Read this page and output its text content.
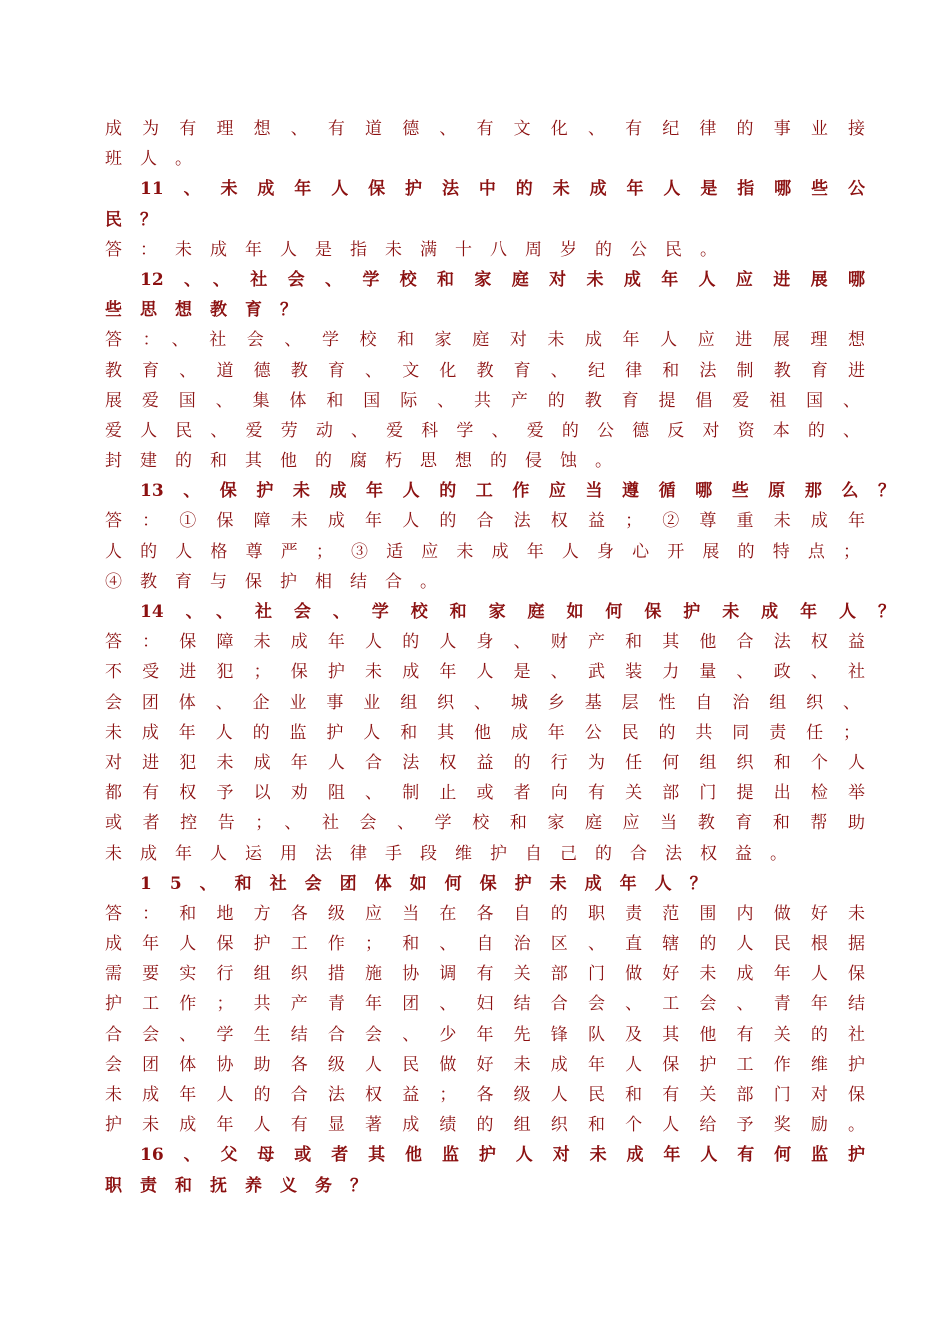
成为有理想、有道德、有文化、有纪律的事业接
班人。
11、未成年人保护法中的未成年人是指哪些公
民？
答：未成年人是指未满十八周岁的公民。
12、、社会、学校和家庭对未成年人应进展哪
些思想教育？
答：、社会、学校和家庭对未成年人应进展理想
教育、道德教育、文化教育、纪律和法制教育进
展爱国、集体和国际、共产的教育提倡爱祖国、
爱人民、爱劳动、爱科学、爱的公德反对资本的、
封建的和其他的腐朽思想的侵蚀。
13、保护未成年人的工作应当遵循哪些原那么？
答：①保障未成年人的合法权益；②尊重未成年
人的人格尊严；③适应未成年人身心开展的特点；
④教育与保护相结合。
14、、社会、学校和家庭如何保护未成年人？
答：保障未成年人的人身、财产和其他合法权益
不受进犯；保护未成年人是、武装力量、政、社
会团体、企业事业组织、城乡基层性自治组织、
未成年人的监护人和其他成年公民的共同责任；
对进犯未成年人合法权益的行为任何组织和个人
都有权予以劝阻、制止或者向有关部门提出检举
或者控告；、社会、学校和家庭应当教育和帮助
未成年人运用法律手段维护自己的合法权益。
15、和社会团体如何保护未成年人？
答：和地方各级应当在各自的职责范围内做好未
成年人保护工作；和、自治区、直辖的人民根据
需要实行组织措施协调有关部门做好未成年人保
护工作；共产青年团、妇结合会、工会、青年结
合会、学生结合会、少年先锋队及其他有关的社
会团体协助各级人民做好未成年人保护工作维护
未成年人的合法权益；各级人民和有关部门对保
护未成年人有显著成绩的组织和个人给予奖励。
16、父母或者其他监护人对未成年人有何监护
职责和抚养义务？
